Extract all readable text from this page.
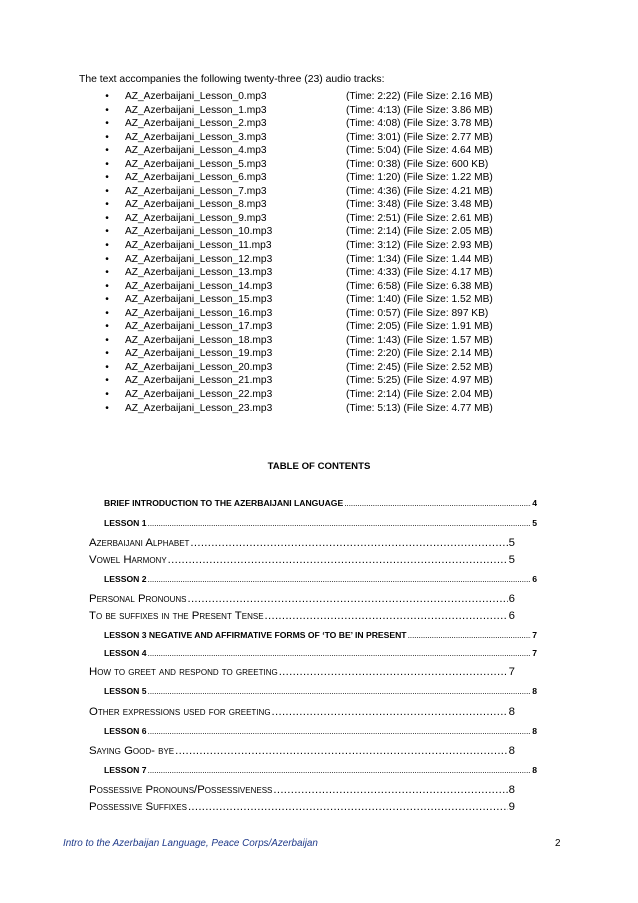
The text accompanies the following twenty-three (23) audio tracks:
• AZ_Azerbaijani_Lesson_0.mp3	(Time: 2:22) (File Size: 2.16 MB)
• AZ_Azerbaijani_Lesson_1.mp3	(Time: 4:13) (File Size: 3.86 MB)
• AZ_Azerbaijani_Lesson_2.mp3	(Time: 4:08) (File Size: 3.78 MB)
• AZ_Azerbaijani_Lesson_3.mp3	(Time: 3:01) (File Size: 2.77 MB)
• AZ_Azerbaijani_Lesson_4.mp3	(Time: 5:04) (File Size: 4.64 MB)
• AZ_Azerbaijani_Lesson_5.mp3	(Time: 0:38) (File Size: 600 KB)
• AZ_Azerbaijani_Lesson_6.mp3	(Time: 1:20) (File Size: 1.22 MB)
• AZ_Azerbaijani_Lesson_7.mp3	(Time: 4:36) (File Size: 4.21 MB)
• AZ_Azerbaijani_Lesson_8.mp3	(Time: 3:48) (File Size: 3.48 MB)
• AZ_Azerbaijani_Lesson_9.mp3	(Time: 2:51) (File Size: 2.61 MB)
• AZ_Azerbaijani_Lesson_10.mp3	(Time: 2:14) (File Size: 2.05 MB)
• AZ_Azerbaijani_Lesson_11.mp3	(Time: 3:12) (File Size: 2.93 MB)
• AZ_Azerbaijani_Lesson_12.mp3	(Time: 1:34) (File Size: 1.44 MB)
• AZ_Azerbaijani_Lesson_13.mp3	(Time: 4:33) (File Size: 4.17 MB)
• AZ_Azerbaijani_Lesson_14.mp3	(Time: 6:58) (File Size: 6.38 MB)
• AZ_Azerbaijani_Lesson_15.mp3	(Time: 1:40) (File Size: 1.52 MB)
• AZ_Azerbaijani_Lesson_16.mp3	(Time: 0:57) (File Size: 897 KB)
• AZ_Azerbaijani_Lesson_17.mp3	(Time: 2:05) (File Size: 1.91 MB)
• AZ_Azerbaijani_Lesson_18.mp3	(Time: 1:43) (File Size: 1.57 MB)
• AZ_Azerbaijani_Lesson_19.mp3	(Time: 2:20) (File Size: 2.14 MB)
• AZ_Azerbaijani_Lesson_20.mp3	(Time: 2:45) (File Size: 2.52 MB)
• AZ_Azerbaijani_Lesson_21.mp3	(Time: 5:25) (File Size: 4.97 MB)
• AZ_Azerbaijani_Lesson_22.mp3	(Time: 2:14) (File Size: 2.04 MB)
• AZ_Azerbaijani_Lesson_23.mp3	(Time: 5:13) (File Size: 4.77 MB)
TABLE OF CONTENTS
BRIEF INTRODUCTION TO THE AZERBAIJANI LANGUAGE .....	4
LESSON 1 .....	5
Azerbaijani Alphabet .....	5
Vowel Harmony .....	5
LESSON 2 .....	6
Personal Pronouns .....	6
To be suffixes in the Present Tense .....	6
LESSON 3 NEGATIVE AND AFFIRMATIVE FORMS OF ‘TO BE’ IN PRESENT .....	7
LESSON 4 .....	7
How to greet and respond to greeting .....	7
LESSON 5 .....	8
Other expressions used for greeting .....	8
LESSON 6 .....	8
Saying Good- bye .....	8
LESSON 7 .....	8
Possessive Pronouns/Possessiveness .....	8
Possessive Suffixes .....	9
Intro to the Azerbaijan Language, Peace Corps/Azerbaijan	2
